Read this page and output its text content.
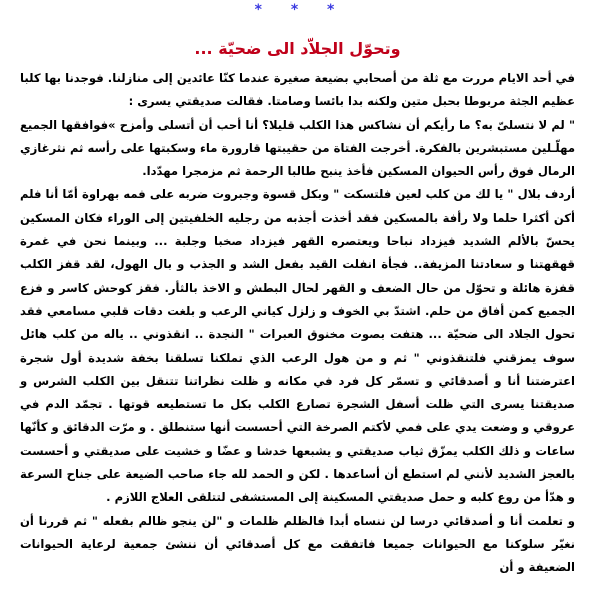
* * *
... وتحوّل الجلاّد الى ضحيّة

في أحد الايام مررت مع ثلة من أصحابي بضيعة صغيرة عندما كنّا عائدين إلى منازلنا. فوجدنا بها كلبا عظيم الجثة مربوطا بحبل متين ولكنه بدا بائسا وصامتا. فقالت صديقتي يسرى :

" لم لا نتسلىّ به؟ ما رأيكم أن نشاكس هذا الكلب قليلا؟ أنا أحب أن أتسلى وأمزح »فوافقها الجميع مهلّـلين مستبشرين بالفكرة. أخرجت الفتاة من حقيبتها قارورة ماء وسكبتها على رأسه ثم نثرغازي الرمال فوق رأس الحيوان المسكين فأخذ ينبح طالبا الرحمة ثم مزمجرا مهدّدا.

أردف بلال " يا لك من كلب لعين فلتسكت " وبكل قسوة وجبروت ضربه على فمه بهراوة أمّا أنا فلم أكن أكثرا حلما ولا رأفة بالمسكين فقد أخذت أجذبه من رجليه الخلفيتين إلى الوراء فكان المسكين يحسّ بالألم الشديد فيزداد نباحا ويعتصره القهر فيزداد صخبا وجلبة ... وبينما نحن في غمرة قهقهتنا و سعادتنا المزيفة.. فجأة انفلت القيد بفعل الشد و الجذب و بال الهول، لقد قفز الكلب قفزة هائلة و تحوّل من حال الضعف و القهر لحال البطش و الاخذ بالثأر. فقز كوحش كاسر و فزع الجميع كمن أفاق من حلم. اشتدّ بي الخوف و زلزل كياني الرعب و بلغت دقات قلبي مسامعي فقد تحول الجلاد الى ضحيّة ... هتفت بصوت مخنوق العبرات " النجدة .. انقذوني .. ياله من كلب هائل سوف يمزقني فلتنقذوني " ثم و من هول الرعب الذي تملكنا تسلقنا بخفة شديدة أول شجرة اعترضتنا أنا و أصدقائي و تسمّر كل فرد في مكانه و ظلت نظراتنا تتنقل بين الكلب الشرس و صديقتنا يسرى التي ظلت أسفل الشجرة تصارع الكلب بكل ما تستطيعه قوتها . تجمّد الدم في عروقي و وضعت يدي على فمي لأكتم الصرخة التي أحسست أنها ستنطلق . و مرّت الدقائق و كأنّها ساعات و ذلك الكلب يمزّق ثياب صديقتي و يشبعها خدشا و عضّا و خشيت على صديقتي و أحسست بالعجز الشديد لأنني لم استطع أن أساعدها . لكن و الحمد لله جاء صاحب الضيعة على جناح السرعة و هدّأ من روع كلبه و حمل صديقتي المسكينة إلى المستشفى لتتلقى العلاج اللازم .

و تعلمت أنا و أصدقائي درسا لن ننساه أبدا فالظلم ظلمات و "لن ينجو ظالم بفعله " ثم قررنا أن نغيّر سلوكنا مع الحيوانات جميعا فاتفقت مع كل أصدقائي أن ننشئ جمعية لرعاية الحيوانات الضعيفة و أن
